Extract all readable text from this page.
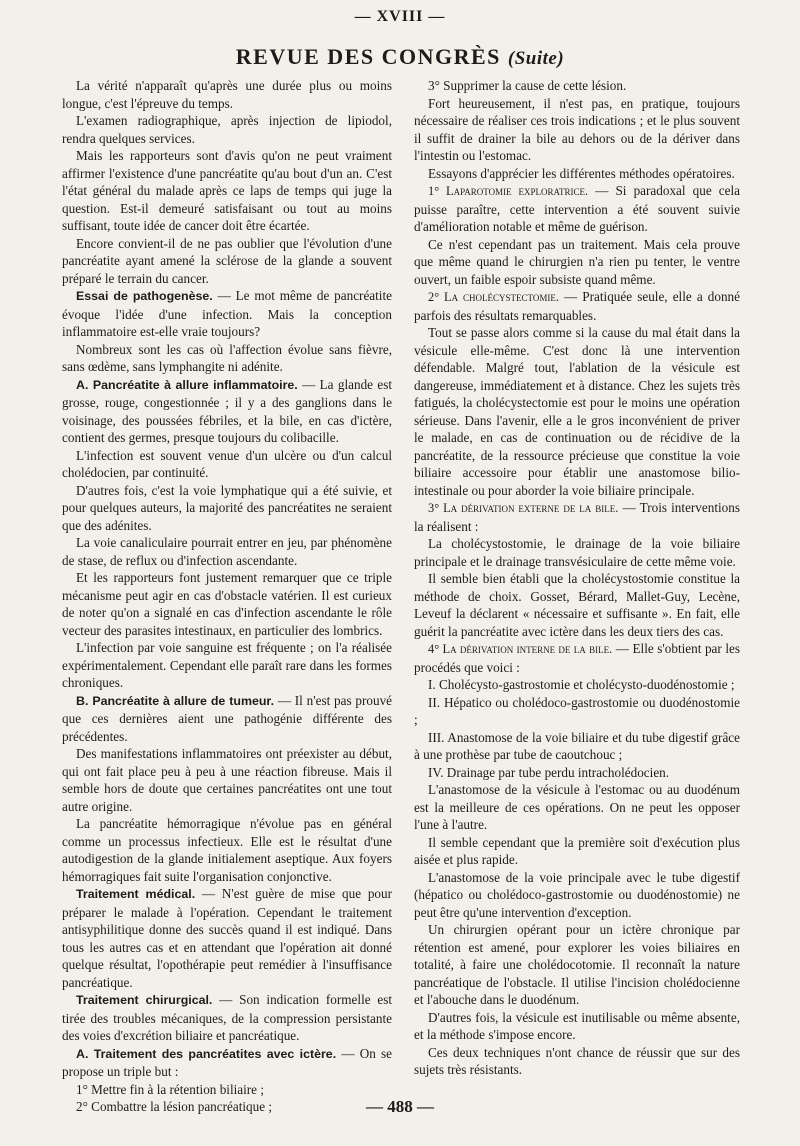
— XVIII —
REVUE DES CONGRÈS (Suite)

La vérité n'apparaît qu'après une durée plus ou moins longue, c'est l'épreuve du temps.

L'examen radiographique, après injection de lipiodol, rendra quelques services.

Mais les rapporteurs sont d'avis qu'on ne peut vraiment affirmer l'existence d'une pancréatite qu'au bout d'un an. C'est l'état général du malade après ce laps de temps qui juge la question. Est-il demeuré satisfaisant ou tout au moins suffisant, toute idée de cancer doit être écartée.

Encore convient-il de ne pas oublier que l'évolution d'une pancréatite ayant amené la sclérose de la glande a souvent préparé le terrain du cancer.

Essai de pathogenèse. — Le mot même de pancréatite évoque l'idée d'une infection. Mais la conception inflammatoire est-elle vraie toujours?

Nombreux sont les cas où l'affection évolue sans fièvre, sans œdème, sans lymphangite ni adénite.

A. Pancréatite à allure inflammatoire. — La glande est grosse, rouge, congestionnée ; il y a des ganglions dans le voisinage, des poussées fébriles, et la bile, en cas d'ictère, contient des germes, presque toujours du colibacille.

L'infection est souvent venue d'un ulcère ou d'un calcul cholédocien, par continuité.

D'autres fois, c'est la voie lymphatique qui a été suivie, et pour quelques auteurs, la majorité des pancréatites ne seraient que des adénites.

La voie canaliculaire pourrait entrer en jeu, par phénomène de stase, de reflux ou d'infection ascendante.

Et les rapporteurs font justement remarquer que ce triple mécanisme peut agir en cas d'obstacle vatérien. Il est curieux de noter qu'on a signalé en cas d'infection ascendante le rôle vecteur des parasites intestinaux, en particulier des lombrics.

L'infection par voie sanguine est fréquente ; on l'a réalisée expérimentalement. Cependant elle paraît rare dans les formes chroniques.

B. Pancréatite à allure de tumeur. — Il n'est pas prouvé que ces dernières aient une pathogénie différente des précédentes.

Des manifestations inflammatoires ont préexister au début, qui ont fait place peu à peu à une réaction fibreuse. Mais il semble hors de doute que certaines pancréatites ont une tout autre origine.

La pancréatite hémorragique n'évolue pas en général comme un processus infectieux. Elle est le résultat d'une autodigestion de la glande initialement aseptique. Aux foyers hémorragiques fait suite l'organisation conjonctive.

Traitement médical. — N'est guère de mise que pour préparer le malade à l'opération. Cependant le traitement antisyphilitique donne des succès quand il est indiqué. Dans tous les autres cas et en attendant que l'opération ait donné quelque résultat, l'opothérapie peut remédier à l'insuffisance pancréatique.

Traitement chirurgical. — Son indication formelle est tirée des troubles mécaniques, de la compression persistante des voies d'excrétion biliaire et pancréatique.

A. Traitement des pancréatites avec ictère. — On se propose un triple but :

1° Mettre fin à la rétention biliaire ;

2° Combattre la lésion pancréatique ;

3° Supprimer la cause de cette lésion.

Fort heureusement, il n'est pas, en pratique, toujours nécessaire de réaliser ces trois indications ; et le plus souvent il suffit de drainer la bile au dehors ou de la dériver dans l'intestin ou l'estomac.

Essayons d'apprécier les différentes méthodes opératoires.

1° Laparotomie exploratrice. — Si paradoxal que cela puisse paraître, cette intervention a été souvent suivie d'amélioration notable et même de guérison.

Ce n'est cependant pas un traitement. Mais cela prouve que même quand le chirurgien n'a rien pu tenter, le ventre ouvert, un faible espoir subsiste quand même.

2° La cholécystectomie. — Pratiquée seule, elle a donné parfois des résultats remarquables.

Tout se passe alors comme si la cause du mal était dans la vésicule elle-même. C'est donc là une intervention défendable. Malgré tout, l'ablation de la vésicule est dangereuse, immédiatement et à distance. Chez les sujets très fatigués, la cholécystectomie est pour le moins une opération sérieuse. Dans l'avenir, elle a le gros inconvénient de priver le malade, en cas de continuation ou de récidive de la pancréatite, de la ressource précieuse que constitue la voie biliaire accessoire pour établir une anastomose bilio-intestinale ou pour aborder la voie biliaire principale.

3° La dérivation externe de la bile. — Trois interventions la réalisent :

La cholécystostomie, le drainage de la voie biliaire principale et le drainage transvésiculaire de cette même voie.

Il semble bien établi que la cholécystostomie constitue la méthode de choix. Gosset, Bérard, Mallet-Guy, Lecène, Leveuf la déclarent « nécessaire et suffisante ». En fait, elle guérit la pancréatite avec ictère dans les deux tiers des cas.

4° La dérivation interne de la bile. — Elle s'obtient par les procédés que voici :

I. Cholécysto-gastrostomie et cholécysto-duodénostomie ;

II. Hépatico ou cholédoco-gastrostomie ou duodénostomie ;

III. Anastomose de la voie biliaire et du tube digestif grâce à une prothèse par tube de caoutchouc ;

IV. Drainage par tube perdu intracholédocien.

L'anastomose de la vésicule à l'estomac ou au duodénum est la meilleure de ces opérations. On ne peut les opposer l'une à l'autre.

Il semble cependant que la première soit d'exécution plus aisée et plus rapide.

L'anastomose de la voie principale avec le tube digestif (hépatico ou cholédoco-gastrostomie ou duodénostomie) ne peut être qu'une intervention d'exception.

Un chirurgien opérant pour un ictère chronique par rétention est amené, pour explorer les voies biliaires en totalité, à faire une cholédocotomie. Il reconnaît la nature pancréatique de l'obstacle. Il utilise l'incision cholédocienne et l'abouche dans le duodénum.

D'autres fois, la vésicule est inutilisable ou même absente, et la méthode s'impose encore.

Ces deux techniques n'ont chance de réussir que sur des sujets très résistants.

— 488 —
